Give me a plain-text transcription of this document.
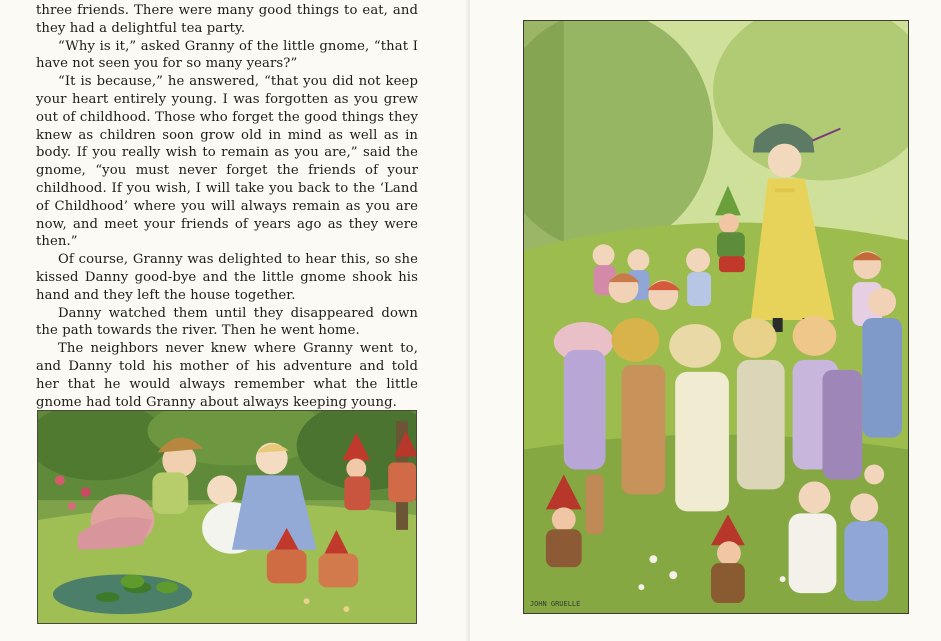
three friends. There were many good things to eat, and they had a delightful tea party.

“Why is it,” asked Granny of the little gnome, “that I have not seen you for so many years?”

“It is because,” he answered, “that you did not keep your heart entirely young. I was forgotten as you grew out of childhood. Those who forget the good things they knew as children soon grow old in mind as well as in body. If you really wish to remain as you are,” said the gnome, “you must never forget the friends of your childhood. If you wish, I will take you back to the ‘Land of Childhood’ where you will always remain as you are now, and meet your friends of years ago as they were then.”

Of course, Granny was delighted to hear this, so she kissed Danny good-bye and the little gnome shook his hand and they left the house together.

Danny watched them until they disappeared down the path towards the river. Then he went home.

The neighbors never knew where Granny went to, and Danny told his mother of his adventure and told her that he would always remember what the little gnome had told Granny about always keeping young.

JOHN GRUELLE
